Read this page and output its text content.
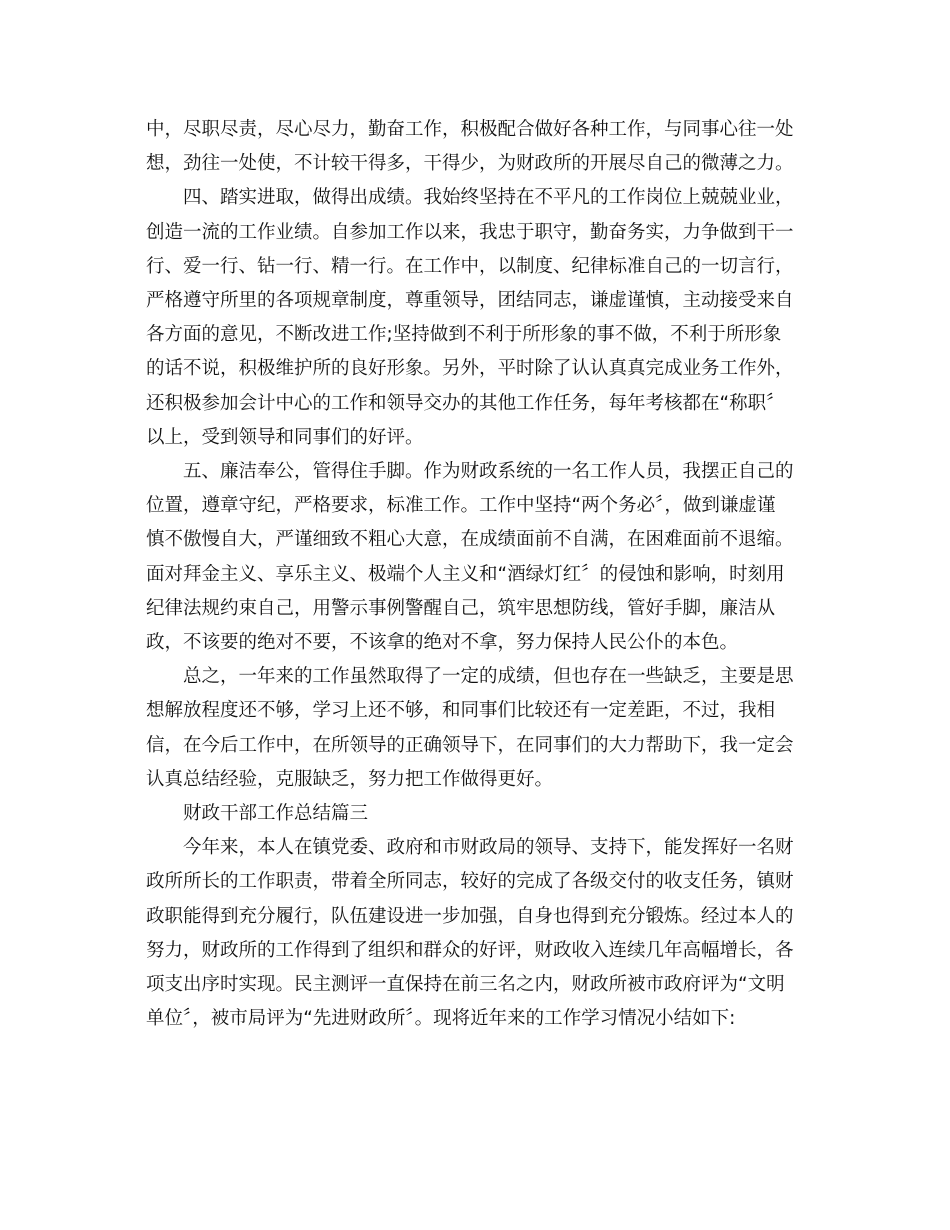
中，尽职尽责，尽心尽力，勤奋工作，积极配合做好各种工作，与同事心往一处
想，劲往一处使，不计较干得多，干得少，为财政所的开展尽自己的微薄之力。
四、踏实进取，做得出成绩。我始终坚持在不平凡的工作岗位上兢兢业业，
创造一流的工作业绩。自参加工作以来，我忠于职守，勤奋务实，力争做到干一
行、爱一行、钻一行、精一行。在工作中，以制度、纪律标准自己的一切言行，
严格遵守所里的各项规章制度，尊重领导，团结同志，谦虚谨慎，主动接受来自
各方面的意见，不断改进工作;坚持做到不利于所形象的事不做，不利于所形象
的话不说，积极维护所的良好形象。另外，平时除了认认真真完成业务工作外，
还积极参加会计中心的工作和领导交办的其他工作任务，每年考核都在“称职〞
以上，受到领导和同事们的好评。
五、廉洁奉公，管得住手脚。作为财政系统的一名工作人员，我摆正自己的
位置，遵章守纪，严格要求，标准工作。工作中坚持“两个务必〞，做到谦虚谨
慎不傲慢自大，严谨细致不粗心大意，在成绩面前不自满，在困难面前不退缩。
面对拜金主义、享乐主义、极端个人主义和“酒绿灯红〞的侵蚀和影响，时刻用
纪律法规约束自己，用警示事例警醒自己，筑牢思想防线，管好手脚，廉洁从
政，不该要的绝对不要，不该拿的绝对不拿，努力保持人民公仆的本色。
总之，一年来的工作虽然取得了一定的成绩，但也存在一些缺乏，主要是思
想解放程度还不够，学习上还不够，和同事们比较还有一定差距，不过，我相
信，在今后工作中，在所领导的正确领导下，在同事们的大力帮助下，我一定会
认真总结经验，克服缺乏，努力把工作做得更好。
财政干部工作总结篇三
今年来，本人在镇党委、政府和市财政局的领导、支持下，能发挥好一名财
政所所长的工作职责，带着全所同志，较好的完成了各级交付的收支任务，镇财
政职能得到充分履行，队伍建设进一步加强，自身也得到充分锻炼。经过本人的
努力，财政所的工作得到了组织和群众的好评，财政收入连续几年高幅增长，各
项支出序时实现。民主测评一直保持在前三名之内，财政所被市政府评为“文明
单位〞，被市局评为“先进财政所〞。现将近年来的工作学习情况小结如下:
